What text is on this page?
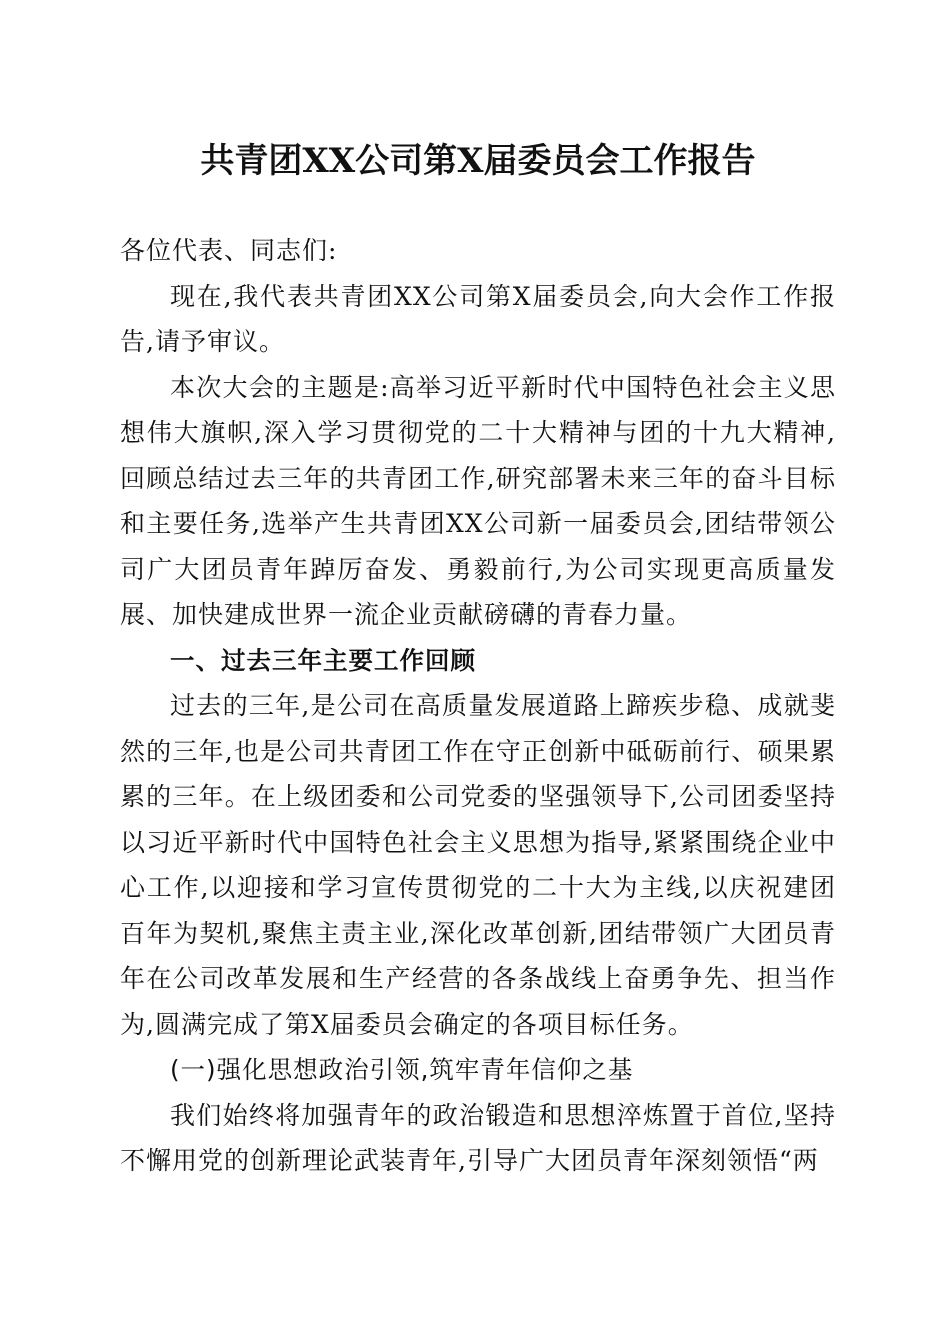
共青团XX公司第X届委员会工作报告

各位代表、同志们:

现在,我代表共青团XX公司第X届委员会,向大会作工作报告,请予审议。

本次大会的主题是:高举习近平新时代中国特色社会主义思想伟大旗帜,深入学习贯彻党的二十大精神与团的十九大精神,回顾总结过去三年的共青团工作,研究部署未来三年的奋斗目标和主要任务,选举产生共青团XX公司新一届委员会,团结带领公司广大团员青年踔厉奋发、勇毅前行,为公司实现更高质量发展、加快建成世界一流企业贡献磅礴的青春力量。

一、过去三年主要工作回顾

过去的三年,是公司在高质量发展道路上蹄疾步稳、成就斐然的三年,也是公司共青团工作在守正创新中砥砺前行、硕果累累的三年。在上级团委和公司党委的坚强领导下,公司团委坚持以习近平新时代中国特色社会主义思想为指导,紧紧围绕企业中心工作,以迎接和学习宣传贯彻党的二十大为主线,以庆祝建团百年为契机,聚焦主责主业,深化改革创新,团结带领广大团员青年在公司改革发展和生产经营的各条战线上奋勇争先、担当作为,圆满完成了第X届委员会确定的各项目标任务。

(一)强化思想政治引领,筑牢青年信仰之基

我们始终将加强青年的政治锻造和思想淬炼置于首位,坚持不懈用党的创新理论武装青年,引导广大团员青年深刻领悟“两
